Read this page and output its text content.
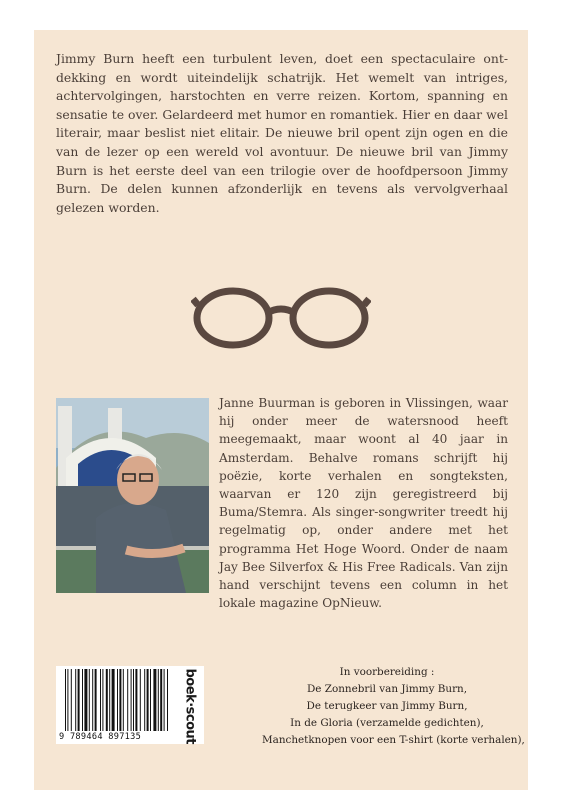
Jimmy Burn heeft een turbulent leven, doet een spectaculaire ontdekking en wordt uiteindelijk schatrijk. Het wemelt van intriges, achtervolgingen, harstochten en verre reizen. Kortom, spanning en sensatie te over. Gelardeerd met humor en romantiek. Hier en daar wel literair, maar beslist niet elitair. De nieuwe bril opent zijn ogen en die van de lezer op een wereld vol avontuur. De nieuwe bril van Jimmy Burn is het eerste deel van een trilogie over de hoofdpersoon Jimmy Burn. De delen kunnen afzonderlijk en tevens als vervolgverhaal gelezen worden.

Janne Buurman is geboren in Vlissingen, waar hij onder meer de watersnood heeft meegemaakt, maar woont al 40 jaar in Amsterdam. Behalve romans schrijft hij poëzie, korte verhalen en songteksten, waarvan er 120 zijn geregistreerd bij Buma/Stemra. Als singer-songwriter treedt hij regelmatig op, onder andere met het programma Het Hoge Woord. Onder de naam Jay Bee Silverfox & His Free Radicals. Van zijn hand verschijnt tevens een column in het lokale magazine OpNieuw.

9 789464 897135	boek·scout	In voorbereiding :
De Zonnebril van Jimmy Burn,
De terugkeer van Jimmy Burn,
In de Gloria (verzamelde gedichten),
Manchetknopen voor een T-shirt (korte verhalen),
